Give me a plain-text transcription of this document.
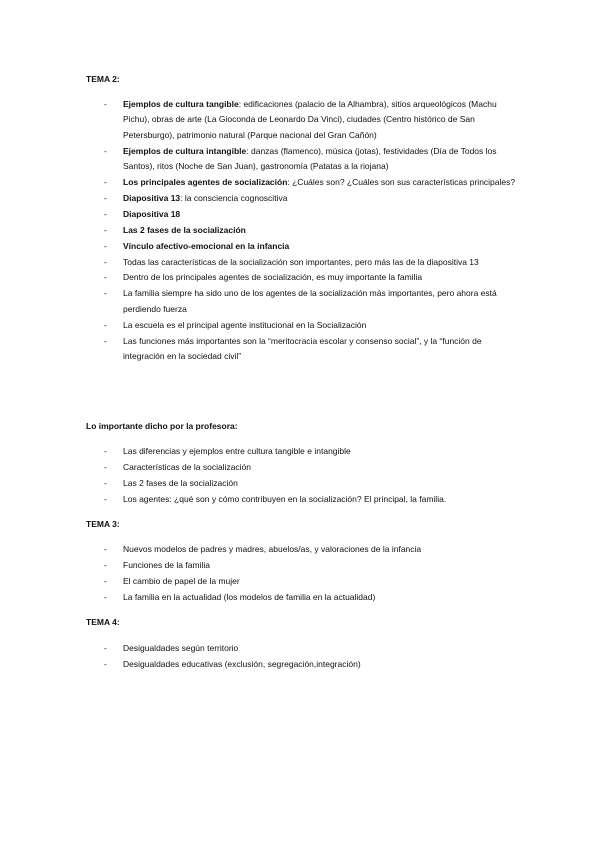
TEMA 2:
- Ejemplos de cultura tangible: edificaciones (palacio de la Alhambra), sitios arqueológicos (Machu Pichu), obras de arte (La Gioconda de Leonardo Da Vinci), ciudades (Centro histórico de San Petersburgo), patrimonio natural (Parque nacional del Gran Cañón)
- Ejemplos de cultura intangible: danzas (flamenco), música (jotas), festividades (Día de Todos los Santos), ritos (Noche de San Juan), gastronomía (Patatas a la riojana)
- Los principales agentes de socialización: ¿Cuáles son? ¿Cuáles son sus características principales?
- Diapositiva 13: la consciencia cognoscitiva
- Diapositiva 18
- Las 2 fases de la socialización
- Vínculo afectivo-emocional en la infancia
- Todas las características de la socialización son importantes, pero más las de la diapositiva 13
- Dentro de los principales agentes de socialización, es muy importante la familia
- La familia siempre ha sido uno de los agentes de la socialización más importantes, pero ahora está perdiendo fuerza
- La escuela es el principal agente institucional en la Socialización
- Las funciones más importantes son la “meritocracia escolar y consenso social”, y la “función de integración en la sociedad civil”
Lo importante dicho por la profesora:
- Las diferencias y ejemplos entre cultura tangible e intangible
- Características de la socialización
- Las 2 fases de la socialización
- Los agentes: ¿qué son y cómo contribuyen en la socialización? El principal, la familia.
TEMA 3:
- Nuevos modelos de padres y madres, abuelos/as, y valoraciones de la infancia
- Funciones de la familia
- El cambio de papel de la mujer
- La familia en la actualidad (los modelos de familia en la actualidad)
TEMA 4:
- Desigualdades según territorio
- Desigualdades educativas (exclusión, segregación,integración)
